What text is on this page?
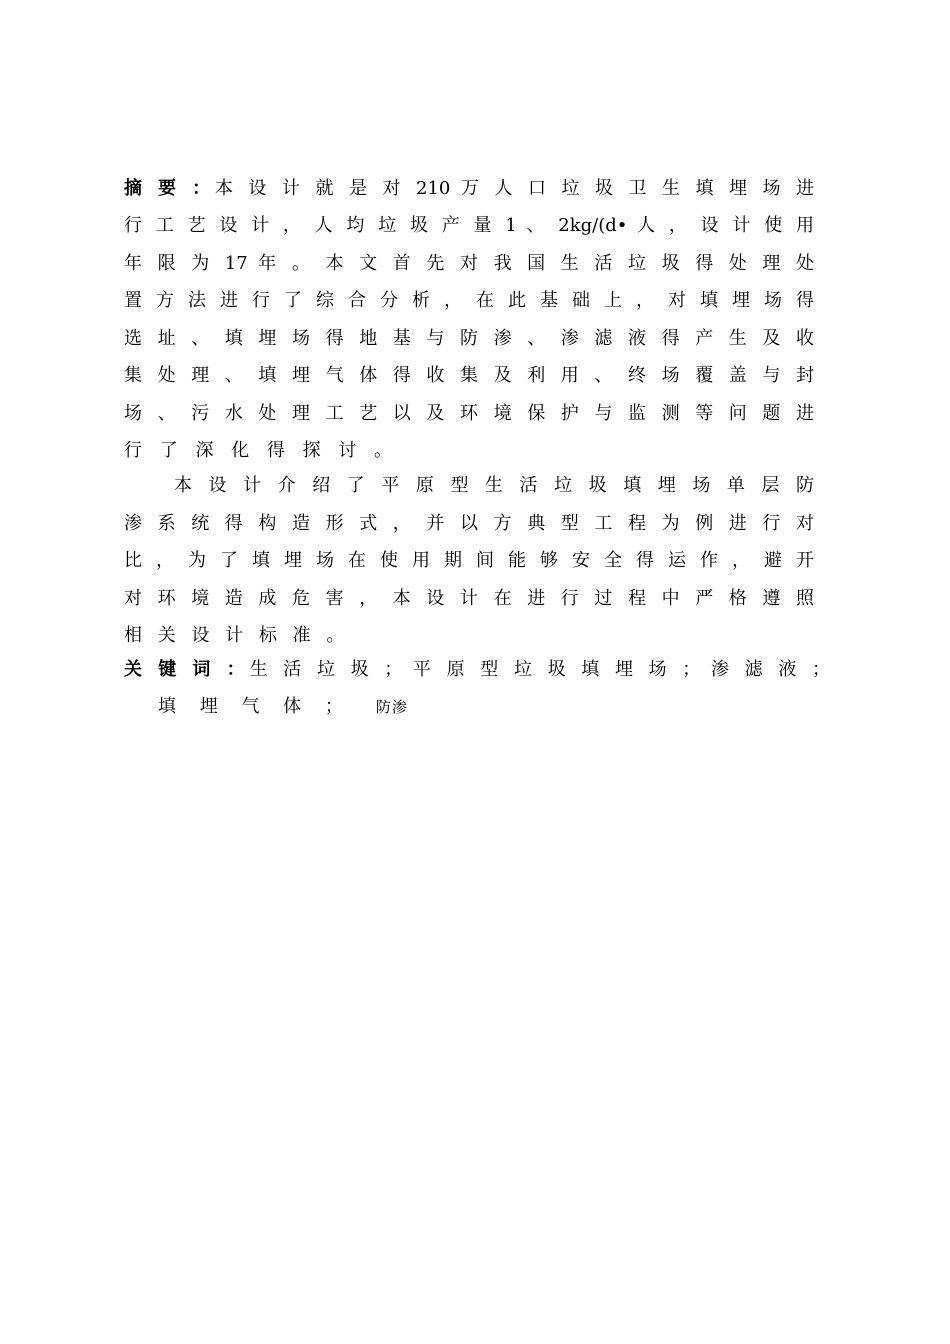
摘 要 ：本 设 计 就 是 对 210 万 人 口 垃 圾 卫 生 填 埋 场 进
行 工 艺 设 计 ， 人 均 垃 圾 产 量 1 、 2kg/(d• 人 ， 设 计 使 用
年 限 为 17 年 。 本 文 首 先 对 我 国 生 活 垃 圾 得 处 理 处
置 方 法 进 行 了 综 合 分 析 ， 在 此 基 础 上 ， 对 填 埋 场 得
选 址 、 填 埋 场 得 地 基 与 防 渗 、 渗 滤 液 得 产 生 及 收
集 处 理 、 填 埋 气 体 得 收 集 及 利 用 、 终 场 覆 盖 与 封
场 、 污 水 处 理 工 艺 以 及 环 境 保 护 与 监 测 等 问 题 进
行 了 深 化 得 探 讨 。
本 设 计 介 绍 了 平 原 型 生 活 垃 圾 填 埋 场 单 层 防
渗 系 统 得 构 造 形 式 ， 并 以 方 典 型 工 程 为 例 进 行 对
比 ， 为 了 填 埋 场 在 使 用 期 间 能 够 安 全 得 运 作 ， 避 开
对 环 境 造 成 危 害 ， 本 设 计 在 进 行 过 程 中 严 格 遵 照
相 关 设 计 标 准 。
关 键 词 ：生 活 垃 圾 ； 平 原 型 垃 圾 填 埋 场 ； 渗 滤 液 ；
填 埋 气 体 ； 防渗
